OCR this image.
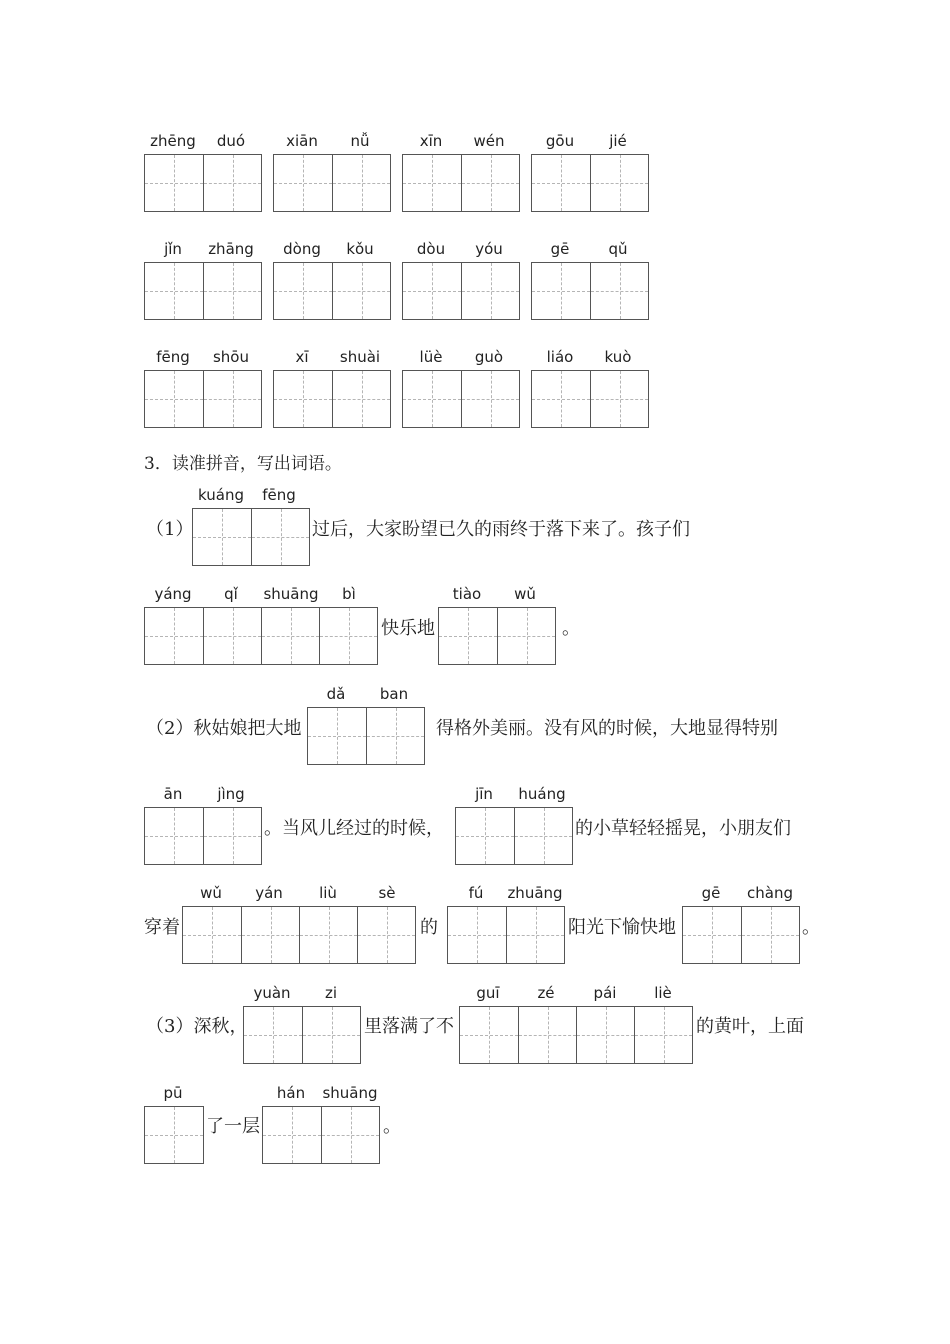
zhēng	duó	xiān	nǚ	xīn	wén	gōu	jié
jǐn	zhāng	dòng	kǒu	dòu	yóu	gē	qǔ
fēng	shōu	xī	shuài	lüè	guò	liáo	kuò
3．读准拼音，写出词语。
（1）
kuáng	fēng
过后，大家盼望已久的雨终于落下来了。孩子们
yáng	qǐ	shuāng	bì
快乐地
tiào	wǔ
。
（2）秋姑娘把大地
dǎ	ban
得格外美丽。没有风的时候，大地显得特别
ān	jìng
。当风儿经过的时候，
jīn	huáng
的小草轻轻摇晃，小朋友们
穿着
wǔ	yán	liù	sè
的
fú	zhuāng
阳光下愉快地
gē	chàng
。
（3）深秋，
yuàn	zi
里落满了不
guī	zé	pái	liè
的黄叶，上面
pū
了一层
hán	shuāng
。
